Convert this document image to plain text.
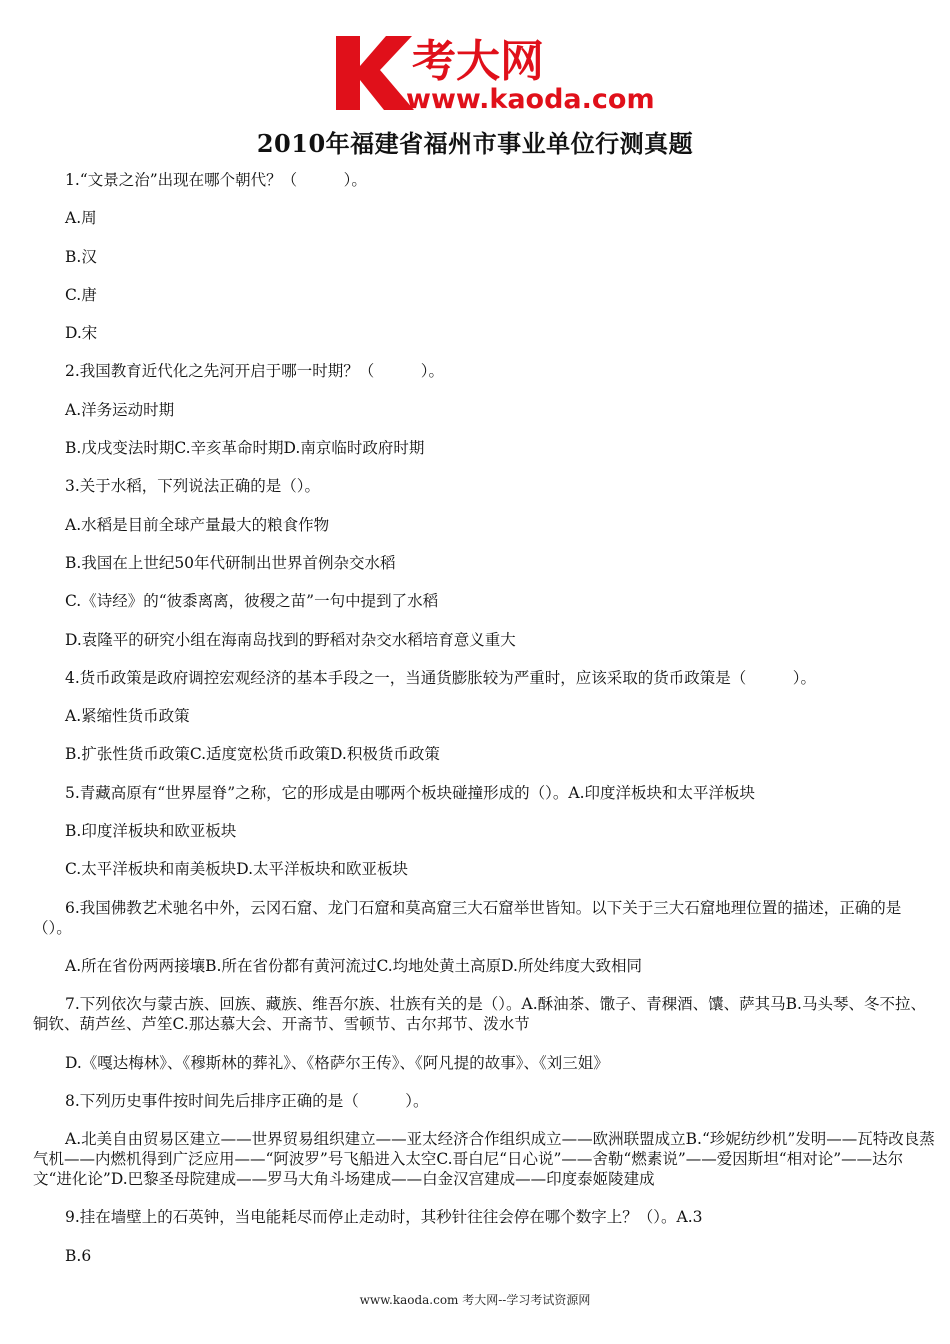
考大网
www.kaoda.com
2010年福建省福州市事业单位行测真题

1.“文景之治”出现在哪个朝代？（　　　）。

A.周

B.汉

C.唐

D.宋

2.我国教育近代化之先河开启于哪一时期？（　　　）。

A.洋务运动时期

B.戊戌变法时期C.辛亥革命时期D.南京临时政府时期

3.关于水稻，下列说法正确的是（）。

A.水稻是目前全球产量最大的粮食作物

B.我国在上世纪50年代研制出世界首例杂交水稻

C.《诗经》的“彼黍离离，彼稷之苗”一句中提到了水稻

D.袁隆平的研究小组在海南岛找到的野稻对杂交水稻培育意义重大

4.货币政策是政府调控宏观经济的基本手段之一，当通货膨胀较为严重时，应该采取的货币政策是（　　　）。

A.紧缩性货币政策

B.扩张性货币政策C.适度宽松货币政策D.积极货币政策

5.青藏高原有“世界屋脊”之称，它的形成是由哪两个板块碰撞形成的（）。A.印度洋板块和太平洋板块

B.印度洋板块和欧亚板块

C.太平洋板块和南美板块D.太平洋板块和欧亚板块

6.我国佛教艺术驰名中外，云冈石窟、龙门石窟和莫高窟三大石窟举世皆知。以下关于三大石窟地理位置的描述，正确的是（）。

A.所在省份两两接壤B.所在省份都有黄河流过C.均地处黄土高原D.所处纬度大致相同

7.下列依次与蒙古族、回族、藏族、维吾尔族、壮族有关的是（）。A.酥油茶、馓子、青稞酒、馕、萨其马B.马头琴、冬不拉、铜钦、葫芦丝、芦笙C.那达慕大会、开斋节、雪顿节、古尔邦节、泼水节

D.《嘎达梅林》、《穆斯林的葬礼》、《格萨尔王传》、《阿凡提的故事》、《刘三姐》

8.下列历史事件按时间先后排序正确的是（　　　）。

A.北美自由贸易区建立——世界贸易组织建立——亚太经济合作组织成立——欧洲联盟成立B.“珍妮纺纱机”发明——瓦特改良蒸气机——内燃机得到广泛应用——“阿波罗”号飞船进入太空C.哥白尼“日心说”——舍勒“燃素说”——爱因斯坦“相对论”——达尔文“进化论”D.巴黎圣母院建成——罗马大角斗场建成——白金汉宫建成——印度泰姬陵建成

9.挂在墙壁上的石英钟，当电能耗尽而停止走动时，其秒针往往会停在哪个数字上？（）。A.3

B.6

www.kaoda.com 考大网--学习考试资源网
